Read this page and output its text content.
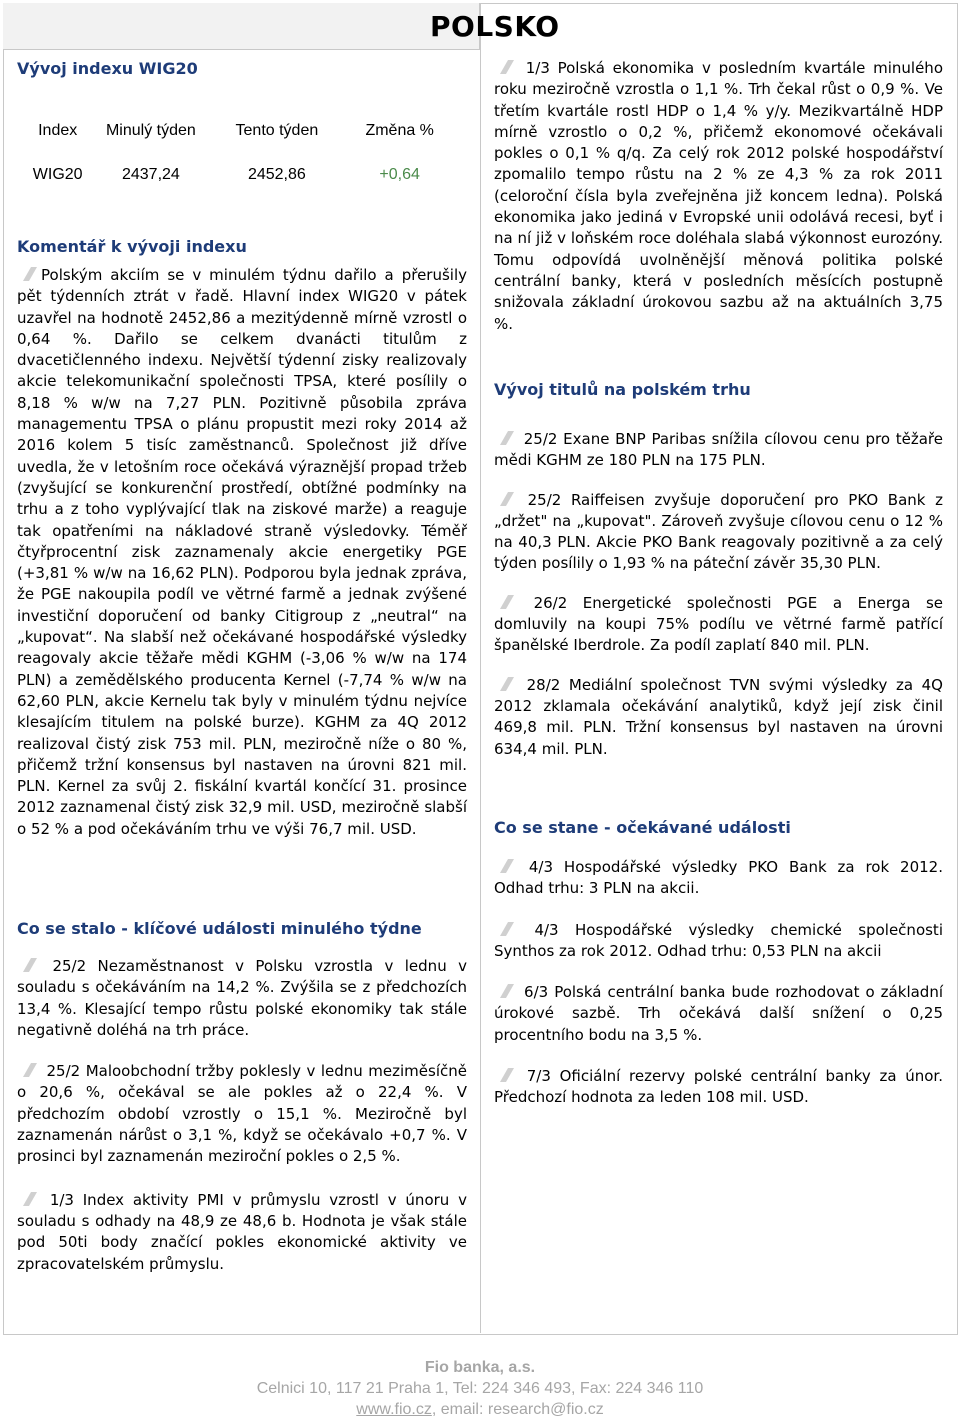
POLSKO
Vývoj indexu WIG20
Index	Minulý týden	Tento týden	Změna %
WIG20	2437,24	2452,86	+0,64
Komentář k vývoji indexu

Polským akciím se v minulém týdnu dařilo a přerušily pět týdenních ztrát v řadě. Hlavní index WIG20 v pátek uzavřel na hodnotě 2452,86 a mezitýdenně mírně vzrostl o 0,64 %. Dařilo se celkem dvanácti titulům z dvacetičlenného indexu. Největší týdenní zisky realizovaly akcie telekomunikační společnosti TPSA, které posílily o 8,18 % w/w na 7,27 PLN. Pozitivně působila zpráva managementu TPSA o plánu propustit mezi roky 2014 až 2016 kolem 5 tisíc zaměstnanců. Společnost již dříve uvedla, že v letošním roce očekává výraznější propad tržeb (zvyšující se konkurenční prostředí, obtížné podmínky na trhu a z toho vyplývající tlak na ziskové marže) a reaguje tak opatřeními na nákladové straně výsledovky. Téměř čtyřprocentní zisk zaznamenaly akcie energetiky PGE (+3,81 % w/w na 16,62 PLN). Podporou byla jednak zpráva, že PGE nakoupila podíl ve větrné farmě a jednak zvýšené investiční doporučení od banky Citigroup z „neutral“ na „kupovat“. Na slabší než očekávané hospodářské výsledky reagovaly akcie těžaře mědi KGHM (-3,06 % w/w na 174 PLN) a zemědělského producenta Kernel (-7,74 % w/w na 62,60 PLN, akcie Kernelu tak byly v minulém týdnu nejvíce klesajícím titulem na polské burze). KGHM za 4Q 2012 realizoval čistý zisk 753 mil. PLN, meziročně níže o 80 %, přičemž tržní konsensus byl nastaven na úrovni 821 mil. PLN. Kernel za svůj 2. fiskální kvartál končící 31. prosince 2012 zaznamenal čistý zisk 32,9 mil. USD, meziročně slabší o 52 % a pod očekáváním trhu ve výši 76,7 mil. USD.

Co se stalo - klíčové události minulého týdne

25/2 Nezaměstnanost v Polsku vzrostla v lednu v souladu s očekáváním na 14,2 %. Zvýšila se z předchozích 13,4 %. Klesající tempo růstu polské ekonomiky tak stále negativně doléhá na trh práce.

25/2 Maloobchodní tržby poklesly v lednu meziměsíčně o 20,6 %, očekával se ale pokles až o 22,4 %. V předchozím období vzrostly o 15,1 %. Meziročně byl zaznamenán nárůst o 3,1 %, když se očekávalo +0,7 %. V prosinci byl zaznamenán meziroční pokles o 2,5 %.

1/3 Index aktivity PMI v průmyslu vzrostl v únoru v souladu s odhady na 48,9 ze 48,6 b. Hodnota je však stále pod 50ti body značící pokles ekonomické aktivity ve zpracovatelském průmyslu.

1/3 Polská ekonomika v posledním kvartále minulého roku meziročně vzrostla o 1,1 %. Trh čekal růst o 0,9 %. Ve třetím kvartále rostl HDP o 1,4 % y/y. Mezikvartálně HDP mírně vzrostlo o 0,2 %, přičemž ekonomové očekávali pokles o 0,1 % q/q. Za celý rok 2012 polské hospodářství zpomalilo tempo růstu na 2 % ze 4,3 % za rok 2011 (celoroční čísla byla zveřejněna již koncem ledna). Polská ekonomika jako jediná v Evropské unii odolává recesi, byť i na ní již v loňském roce doléhala slabá výkonnost eurozóny. Tomu odpovídá uvolněnější měnová politika polské centrální banky, která v posledních měsících postupně snižovala základní úrokovou sazbu až na aktuálních 3,75 %.

Vývoj titulů na polském trhu

25/2 Exane BNP Paribas snížila cílovou cenu pro těžaře mědi KGHM ze 180 PLN na 175 PLN.

25/2 Raiffeisen zvyšuje doporučení pro PKO Bank z „držet" na „kupovat". Zároveň zvyšuje cílovou cenu o 12 % na 40,3 PLN. Akcie PKO Bank reagovaly pozitivně a za celý týden posílily o 1,93 % na páteční závěr 35,30 PLN.

26/2 Energetické společnosti PGE a Energa se domluvily na koupi 75% podílu ve větrné farmě patřící španělské Iberdrole. Za podíl zaplatí 840 mil. PLN.

28/2 Mediální společnost TVN svými výsledky za 4Q 2012 zklamala očekávání analytiků, když její zisk činil 469,8 mil. PLN. Tržní konsensus byl nastaven na úrovni 634,4 mil. PLN.

Co se stane - očekávané události

4/3 Hospodářské výsledky PKO Bank za rok 2012. Odhad trhu: 3 PLN na akcii.

4/3 Hospodářské výsledky chemické společnosti Synthos za rok 2012. Odhad trhu: 0,53 PLN na akcii

6/3 Polská centrální banka bude rozhodovat o základní úrokové sazbě. Trh očekává další snížení o 0,25 procentního bodu na 3,5 %.

7/3 Oficiální rezervy polské centrální banky za únor. Předchozí hodnota za leden 108 mil. USD.

Fio banka, a.s.
Celnici 10, 117 21 Praha 1, Tel: 224 346 493, Fax: 224 346 110
www.fio.cz, email: research@fio.cz
